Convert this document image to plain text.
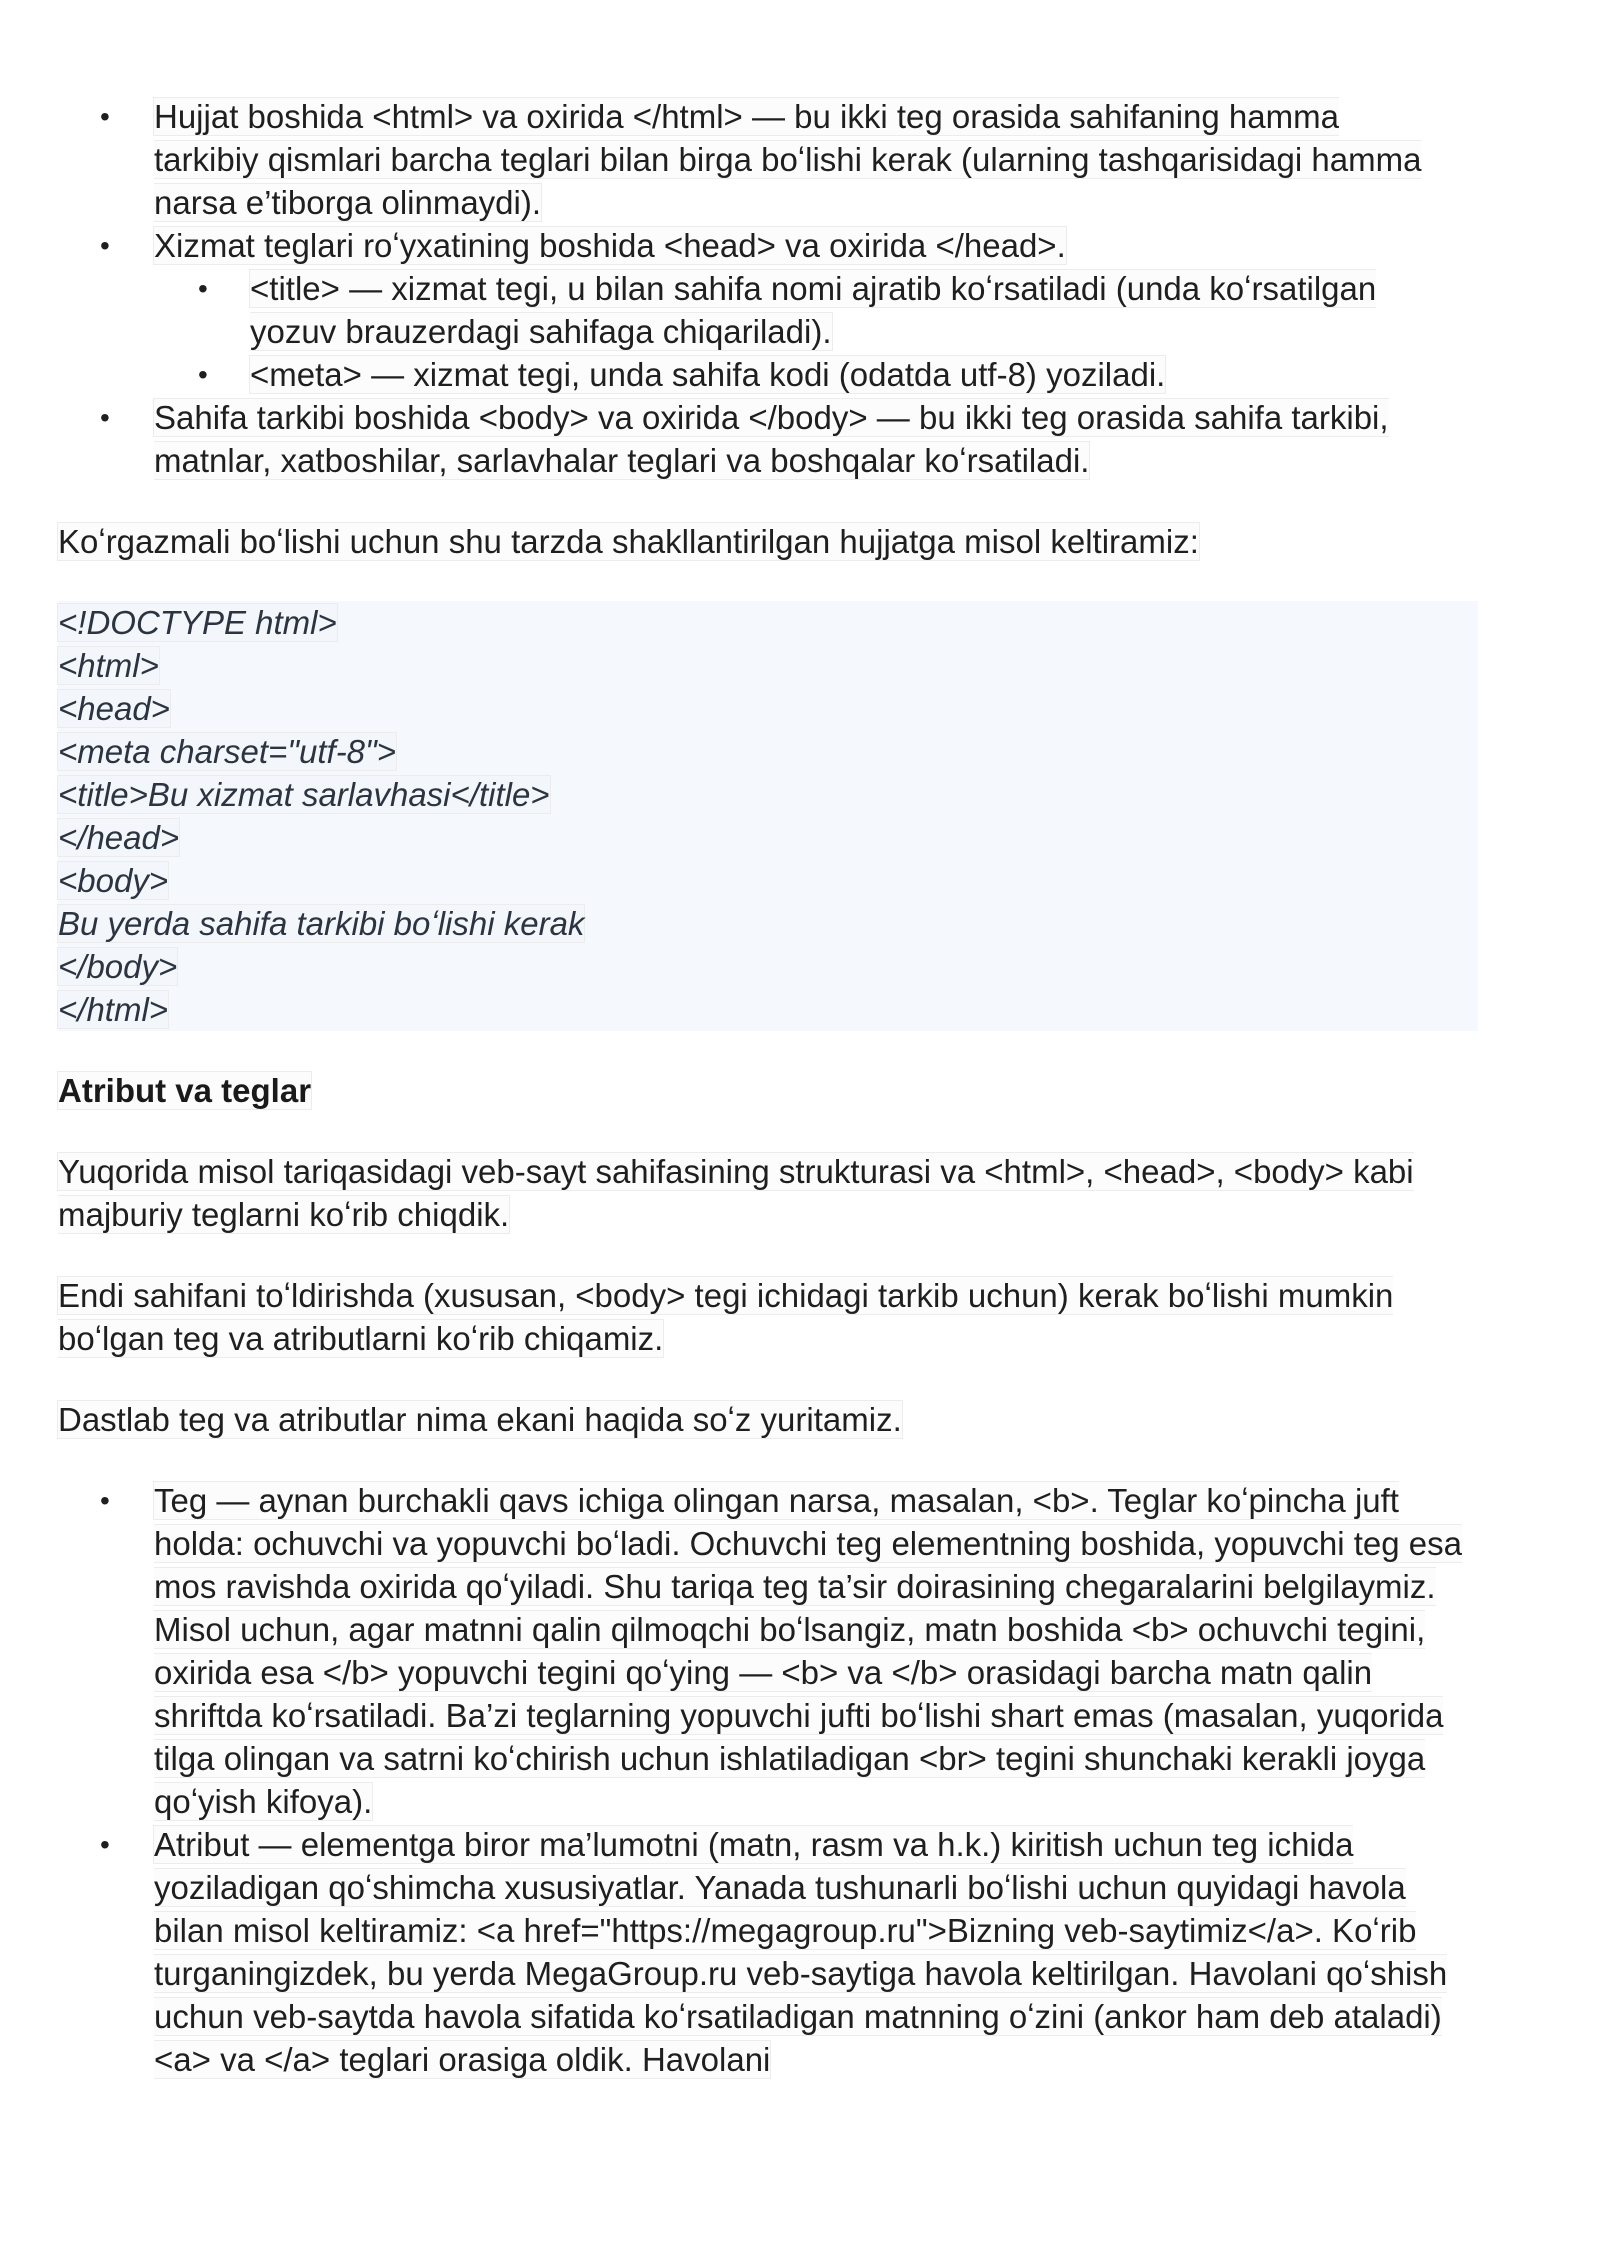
• Hujjat boshida <html> va oxirida </html> — bu ikki teg orasida sahifaning hamma tarkibiy qismlari barcha teglari bilan birga boʻlishi kerak (ularning tashqarisidagi hamma narsa e’tiborga olinmaydi).
• Xizmat teglari roʻyxatining boshida <head> va oxirida </head>.
• <title> — xizmat tegi, u bilan sahifa nomi ajratib koʻrsatiladi (unda koʻrsatilgan yozuv brauzerdagi sahifaga chiqariladi).
• <meta> — xizmat tegi, unda sahifa kodi (odatda utf-8) yoziladi.
• Sahifa tarkibi boshida <body> va oxirida </body> — bu ikki teg orasida sahifa tarkibi, matnlar, xatboshilar, sarlavhalar teglari va boshqalar koʻrsatiladi.

Koʻrgazmali boʻlishi uchun shu tarzda shakllantirilgan hujjatga misol keltiramiz:

<!DOCTYPE html>
<html>
<head>
<meta charset="utf-8">
<title>Bu xizmat sarlavhasi</title>
</head>
<body>
Bu yerda sahifa tarkibi boʻlishi kerak
</body>
</html>

Atribut va teglar

Yuqorida misol tariqasidagi veb-sayt sahifasining strukturasi va <html>, <head>, <body> kabi majburiy teglarni koʻrib chiqdik.

Endi sahifani toʻldirishda (xususan, <body> tegi ichidagi tarkib uchun) kerak boʻlishi mumkin boʻlgan teg va atributlarni koʻrib chiqamiz.

Dastlab teg va atributlar nima ekani haqida soʻz yuritamiz.

• Teg — aynan burchakli qavs ichiga olingan narsa, masalan, <b>. Teglar koʻpincha juft holda: ochuvchi va yopuvchi boʻladi. Ochuvchi teg elementning boshida, yopuvchi teg esa mos ravishda oxirida qoʻyiladi. Shu tariqa teg ta’sir doirasining chegaralarini belgilaymiz. Misol uchun, agar matnni qalin qilmoqchi boʻlsangiz, matn boshida <b> ochuvchi tegini, oxirida esa </b> yopuvchi tegini qoʻying — <b> va </b> orasidagi barcha matn qalin shriftda koʻrsatiladi. Ba’zi teglarning yopuvchi jufti boʻlishi shart emas (masalan, yuqorida tilga olingan va satrni koʻchirish uchun ishlatiladigan <br> tegini shunchaki kerakli joyga qoʻyish kifoya).
• Atribut — elementga biror ma’lumotni (matn, rasm va h.k.) kiritish uchun teg ichida yoziladigan qoʻshimcha xususiyatlar. Yanada tushunarli boʻlishi uchun quyidagi havola bilan misol keltiramiz: <a href="https://megagroup.ru">Bizning veb-saytimiz</a>. Koʻrib turganingizdek, bu yerda MegaGroup.ru veb-saytiga havola keltirilgan. Havolani qoʻshish uchun veb-saytda havola sifatida koʻrsatiladigan matnning oʻzini (ankor ham deb ataladi) <a> va </a> teglari orasiga oldik. Havolani
